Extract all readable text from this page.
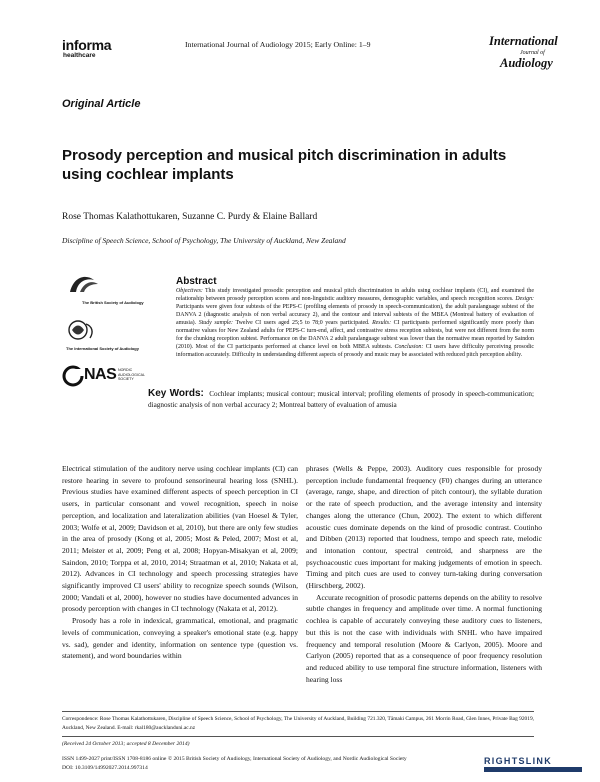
informa
healthcare
International Journal of Audiology 2015; Early Online: 1–9	International
Journal of
Audiology
Original Article
Prosody perception and musical pitch discrimination in adults using cochlear implants
Rose Thomas Kalathottukaren, Suzanne C. Purdy & Elaine Ballard
Discipline of Speech Science, School of Psychology, The University of Auckland, New Zealand
The British Society of Audiology
The International Society of Audiology
NAS NORDIC AUDIOLOGICAL SOCIETY
Abstract
Objectives: This study investigated prosodic perception and musical pitch discrimination in adults using cochlear implants (CI), and examined the relationship between prosody perception scores and non-linguistic auditory measures, demographic variables, and speech recognition scores. Design: Participants were given four subtests of the PEPS-C (profiling elements of prosody in speech-communication), the adult paralanguage subtest of the DANVA 2 (diagnostic analysis of non verbal accuracy 2), and the contour and interval subtests of the MBEA (Montreal battery of evaluation of amusia). Study sample: Twelve CI users aged 25;5 to 78;0 years participated. Results: CI participants performed significantly more poorly than normative values for New Zealand adults for PEPS-C turn-end, affect, and contrastive stress reception subtests, but were not different from the norm for the chunking reception subtest. Performance on the DANVA 2 adult paralanguage subtest was lower than the normative mean reported by Saindon (2010). Most of the CI participants performed at chance level on both MBEA subtests. Conclusion: CI users have difficulty perceiving prosodic information accurately. Difficulty in understanding different aspects of prosody and music may be associated with reduced pitch perception ability.
Key Words: Cochlear implants; musical contour; musical interval; profiling elements of prosody in speech-communication; diagnostic analysis of non verbal accuracy 2; Montreal battery of evaluation of amusia

Electrical stimulation of the auditory nerve using cochlear implants (CI) can restore hearing in severe to profound sensorineural hearing loss (SNHL). Previous studies have examined different aspects of speech perception in CI users, in particular consonant and vowel recognition, speech in noise perception, and localization and lateralization abilities (van Hoesel & Tyler, 2003; Wolfe et al, 2009; Davidson et al, 2010), but there are only few studies in the area of prosody (Kong et al, 2005; Most & Peled, 2007; Most et al, 2011; Meister et al, 2009; Peng et al, 2008; Hopyan-Misakyan et al, 2009; Saindon, 2010; Torppa et al, 2010, 2014; Straatman et al, 2010; Nakata et al, 2012). Advances in CI technology and speech processing strategies have significantly improved CI users' ability to recognize speech sounds (Wilson, 2000; Vandali et al, 2000), however no studies have documented advances in prosody perception with changes in CI technology (Nakata et al, 2012).

Prosody has a role in indexical, grammatical, emotional, and pragmatic levels of communication, conveying a speaker's emotional state (e.g. happy vs. sad), gender and identity, information on sentence type (question vs. statement), and word boundaries within

phrases (Wells & Peppe, 2003). Auditory cues responsible for prosody perception include fundamental frequency (F0) changes during an utterance (average, range, shape, and direction of pitch contour), the syllable duration or the rate of speech production, and the average intensity and intensity changes along the utterance (Chun, 2002). The extent to which different acoustic cues dominate depends on the kind of prosodic contrast. Coutinho and Dibben (2013) reported that loudness, tempo and speech rate, melodic and intonation contour, spectral centroid, and sharpness are the psychoacoustic cues important for making judgements of emotion in speech. Timing and pitch cues are used to convey turn-taking during conversation (Hirschberg, 2002).

Accurate recognition of prosodic patterns depends on the ability to resolve subtle changes in frequency and amplitude over time. A normal functioning cochlea is capable of accurately conveying these auditory cues to listeners, but this is not the case with individuals with SNHL who have impaired frequency and temporal resolution (Moore & Carlyon, 2005). Moore and Carlyon (2005) reported that as a consequence of poor frequency resolution and reduced ability to use temporal fine structure information, listeners with hearing loss

Correspondence: Rose Thomas Kalathottukaren, Discipline of Speech Science, School of Psychology, The University of Auckland, Building 721.320, Tāmaki Campus, 261 Morrin Road, Glen Innes, Private Bag 92019, Auckland, New Zealand. E-mail: rkal180@aucklanduni.ac.nz
(Received 24 October 2013; accepted 8 December 2014)
ISSN 1499-2027 print/ISSN 1708-8186 online © 2015 British Society of Audiology, International Society of Audiology, and Nordic Audiological Society
DOI: 10.3109/14992027.2014.997314
RIGHTSLINK
